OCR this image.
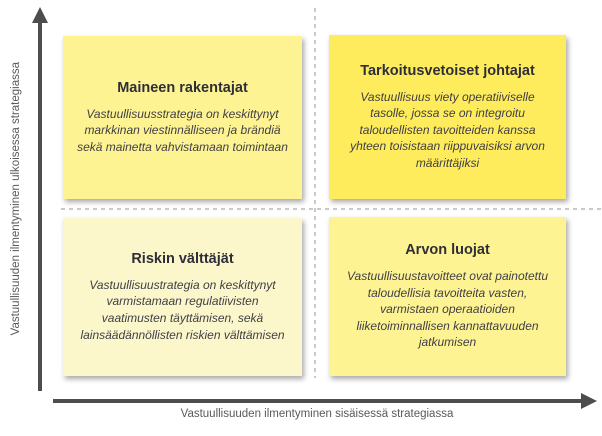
Vastuullisuuden ilmentyminen ulkoisessa strategiassa
Vastuullisuuden ilmentyminen sisäisessä strategiassa
Maineen rakentajat
Vastuullisuusstrategia on keskittynyt markkinan viestinnälliseen ja brändiä sekä mainetta vahvistamaan toimintaan
Tarkoitusvetoiset johtajat
Vastuullisuus viety operatiiviselle tasolle, jossa se on integroitu taloudellisten tavoitteiden kanssa yhteen toisistaan riippuvaisiksi arvon määrittäjiksi
Riskin välttäjät
Vastuullisuustrategia on keskittynyt varmistamaan regulatiivisten vaatimusten täyttämisen, sekä lainsäädännöllisten riskien välttämisen
Arvon luojat
Vastuullisuustavoitteet ovat painotettu taloudellisia tavoitteita vasten, varmistaen operaatioiden liiketoiminnallisen kannattavuuden jatkumisen
